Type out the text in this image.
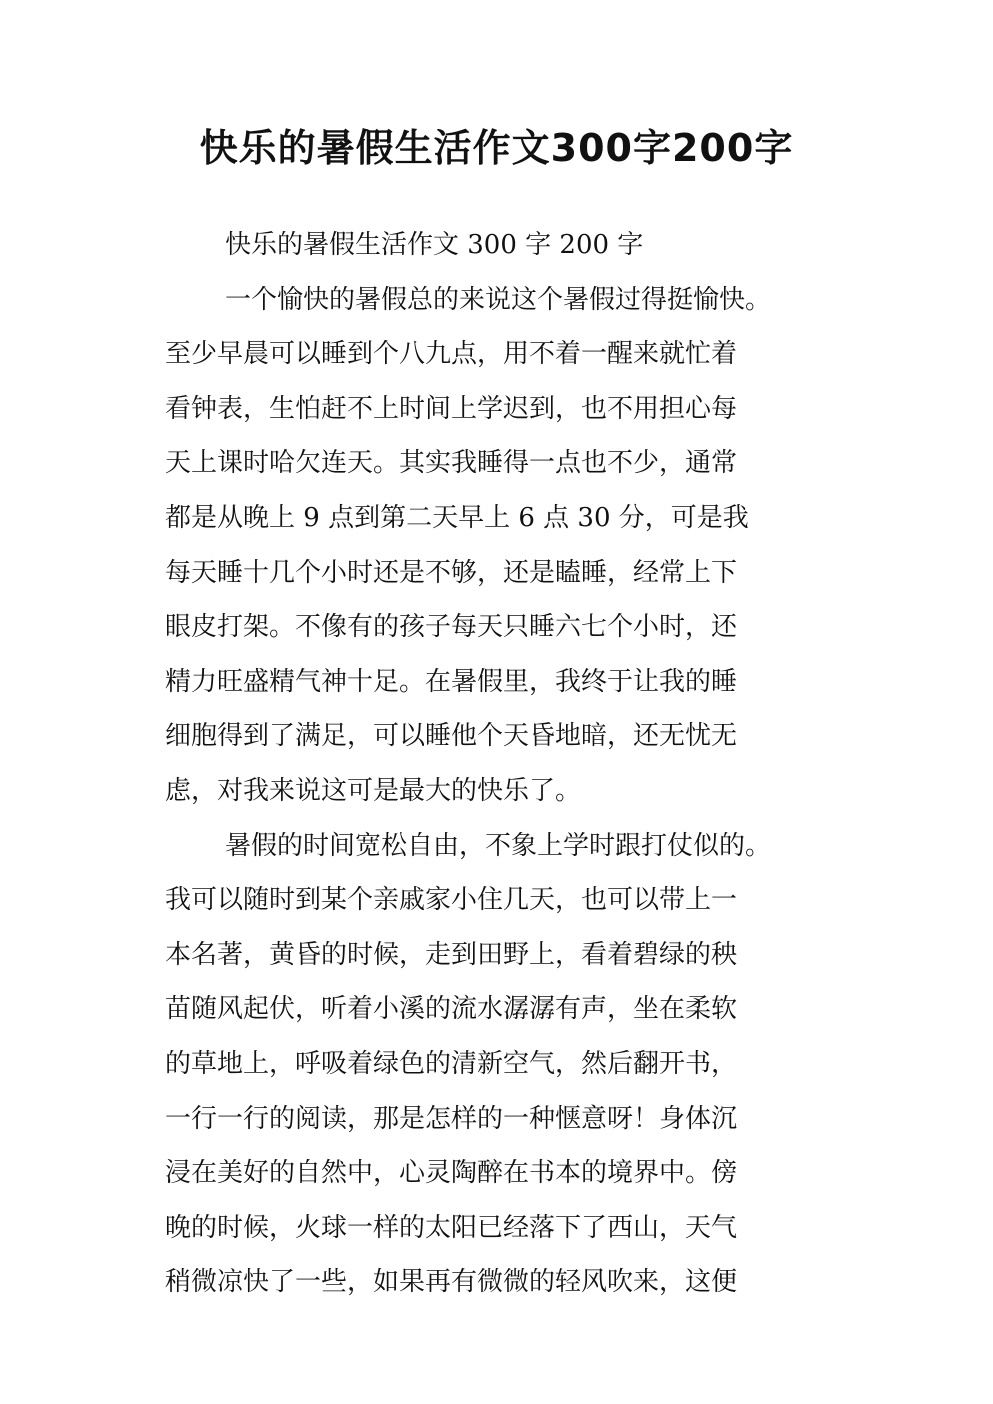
快乐的暑假生活作文300字200字
快乐的暑假生活作文 300 字 200 字
一个愉快的暑假总的来说这个暑假过得挺愉快。
至少早晨可以睡到个八九点，用不着一醒来就忙着
看钟表，生怕赶不上时间上学迟到，也不用担心每
天上课时哈欠连天。其实我睡得一点也不少，通常
都是从晚上 9 点到第二天早上 6 点 30 分，可是我
每天睡十几个小时还是不够，还是瞌睡，经常上下
眼皮打架。不像有的孩子每天只睡六七个小时，还
精力旺盛精气神十足。在暑假里，我终于让我的睡
细胞得到了满足，可以睡他个天昏地暗，还无忧无
虑，对我来说这可是最大的快乐了。
暑假的时间宽松自由，不象上学时跟打仗似的。
我可以随时到某个亲戚家小住几天，也可以带上一
本名著，黄昏的时候，走到田野上，看着碧绿的秧
苗随风起伏，听着小溪的流水潺潺有声，坐在柔软
的草地上，呼吸着绿色的清新空气，然后翻开书，
一行一行的阅读，那是怎样的一种惬意呀！身体沉
浸在美好的自然中，心灵陶醉在书本的境界中。傍
晚的时候，火球一样的太阳已经落下了西山，天气
稍微凉快了一些，如果再有微微的轻风吹来，这便
